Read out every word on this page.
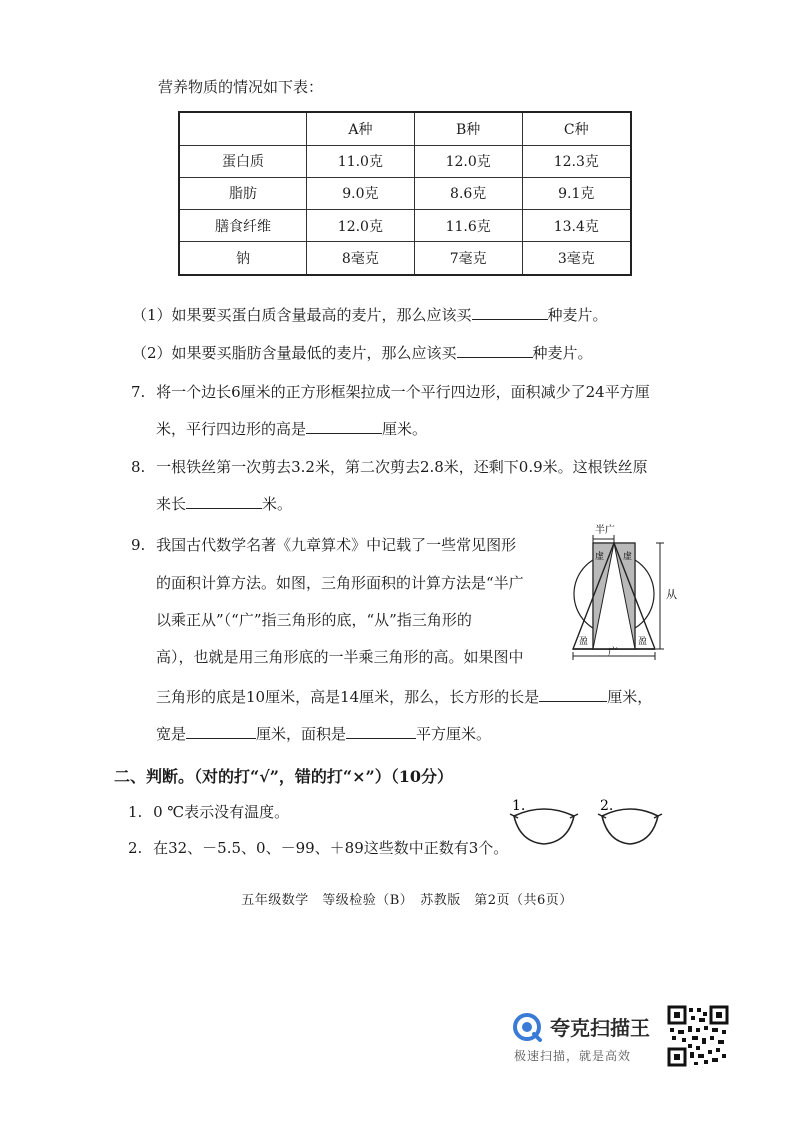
营养物质的情况如下表：
	A种	B种	C种
蛋白质	11.0克	12.0克	12.3克
脂肪	9.0克	8.6克	9.1克
膳食纤维	12.0克	11.6克	13.4克
钠	8毫克	7毫克	3毫克
（1）如果要买蛋白质含量最高的麦片，那么应该买	种麦片。
（2）如果要买脂肪含量最低的麦片，那么应该买	种麦片。
7. 将一个边长6厘米的正方形框架拉成一个平行四边形，面积减少了24平方厘
米，平行四边形的高是	厘米。
8. 一根铁丝第一次剪去3.2米，第二次剪去2.8米，还剩下0.9米。这根铁丝原
来长	米。
9. 我国古代数学名著《九章算术》中记载了一些常见图形
的面积计算方法。如图，三角形面积的计算方法是“半广
以乘正从”（“广”指三角形的底，“从”指三角形的
高），也就是用三角形底的一半乘三角形的高。如果图中
三角形的底是10厘米，高是14厘米，那么，长方形的长是	厘米，
宽是	厘米，面积是	平方厘米。
半广
从
广
虚 虚
盈	盈
二、判断。（对的打“√”，错的打“×”）（10分）
1. 0 ℃表示没有温度。
2. 在32、－5.5、0、－99、＋89这些数中正数有3个。
1.	2.
五年级数学　等级检验（B）　苏教版　第2页（共6页）
夸克扫描王
极速扫描，就是高效
